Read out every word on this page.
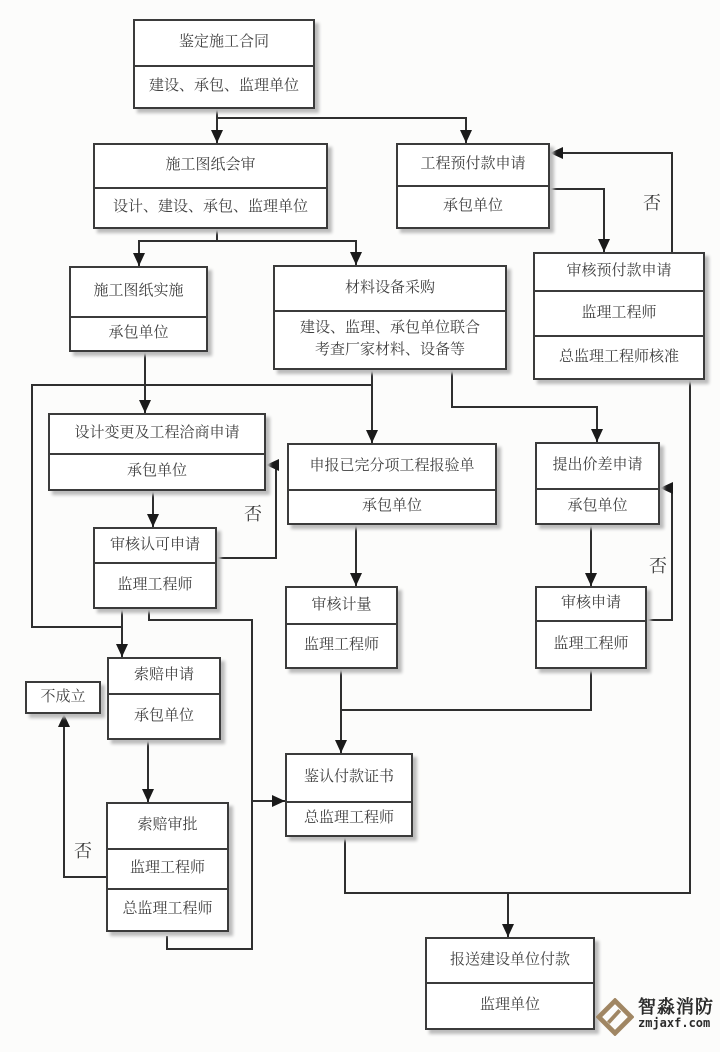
鉴定施工合同
建设、承包、监理单位
施工图纸会审
设计、建设、承包、监理单位
工程预付款申请
承包单位
审核预付款申请
监理工程师
总监理工程师核准
施工图纸实施
承包单位
材料设备采购
建设、监理、承包单位联合考查厂家材料、设备等
设计变更及工程洽商申请
承包单位	申报已完分项工程报验单
承包单位
提出价差申请
承包单位
审核认可申请
监理工程师
审核计量
监理工程师
审核申请
监理工程师
索赔申请
承包单位
不成立
鉴认付款证书
总监理工程师
索赔审批
监理工程师
总监理工程师
报送建设单位付款
监理单位
否
否
否
否
智淼消防
zmjaxf.com
